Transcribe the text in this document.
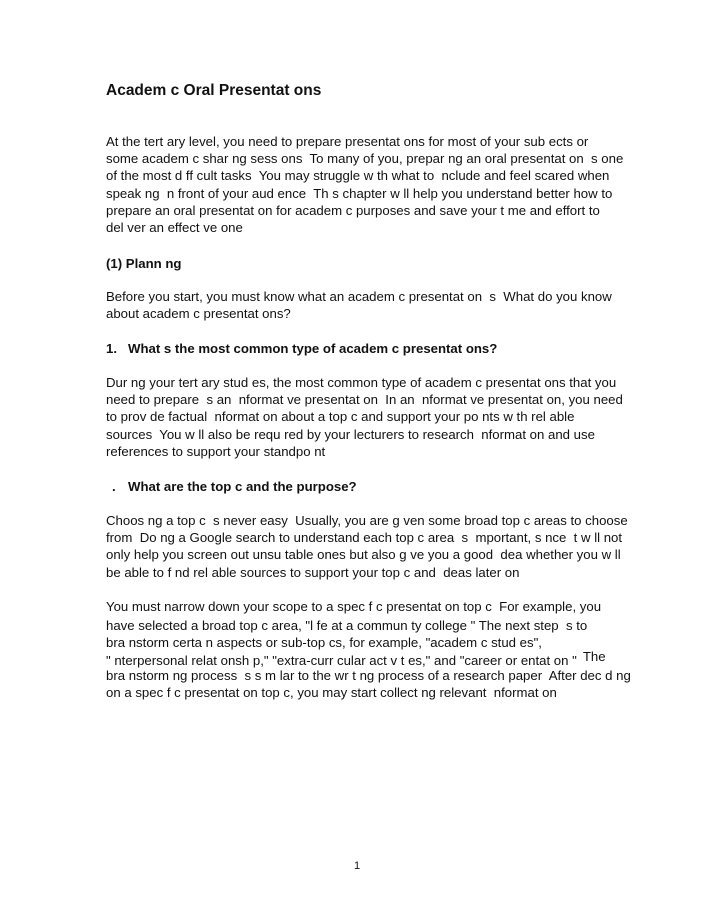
Academ c Oral Presentat ons
At the tert ary level, you need to prepare presentat ons for most of your sub ects or
some academ c shar ng sess ons  To many of you, prepar ng an oral presentat on  s one
of the most d ff cult tasks  You may struggle w th what to  nclude and feel scared when
speak ng  n front of your aud ence  Th s chapter w ll help you understand better how to
prepare an oral presentat on for academ c purposes and save your t me and effort to
del ver an effect ve one
(1) Plann ng
Before you start, you must know what an academ c presentat on  s  What do you know
about academ c presentat ons?
1. What s the most common type of academ c presentat ons?
Dur ng your tert ary stud es, the most common type of academ c presentat ons that you
need to prepare  s an  nformat ve presentat on  In an  nformat ve presentat on, you need
to prov de factual  nformat on about a top c and support your po nts w th rel able
sources  You w ll also be requ red by your lecturers to research  nformat on and use
references to support your standpo nt
. What are the top c and the purpose?
Choos ng a top c  s never easy  Usually, you are g ven some broad top c areas to choose
from  Do ng a Google search to understand each top c area  s  mportant, s nce  t w ll not
only help you screen out unsu table ones but also g ve you a good  dea whether you w ll
be able to f nd rel able sources to support your top c and  deas later on
You must narrow down your scope to a spec f c presentat on top c  For example, you
have selected a broad top c area, "l fe at a commun ty college " The next step  s to
bra nstorm certa n aspects or sub-top cs, for example, "academ c stud es",
" nterpersonal relat onsh p," "extra-curr cular act v t es," and "career or entat on " The
bra nstorm ng process  s s m lar to the wr t ng process of a research paper  After dec d ng
on a spec f c presentat on top c, you may start collect ng relevant  nformat on
1
